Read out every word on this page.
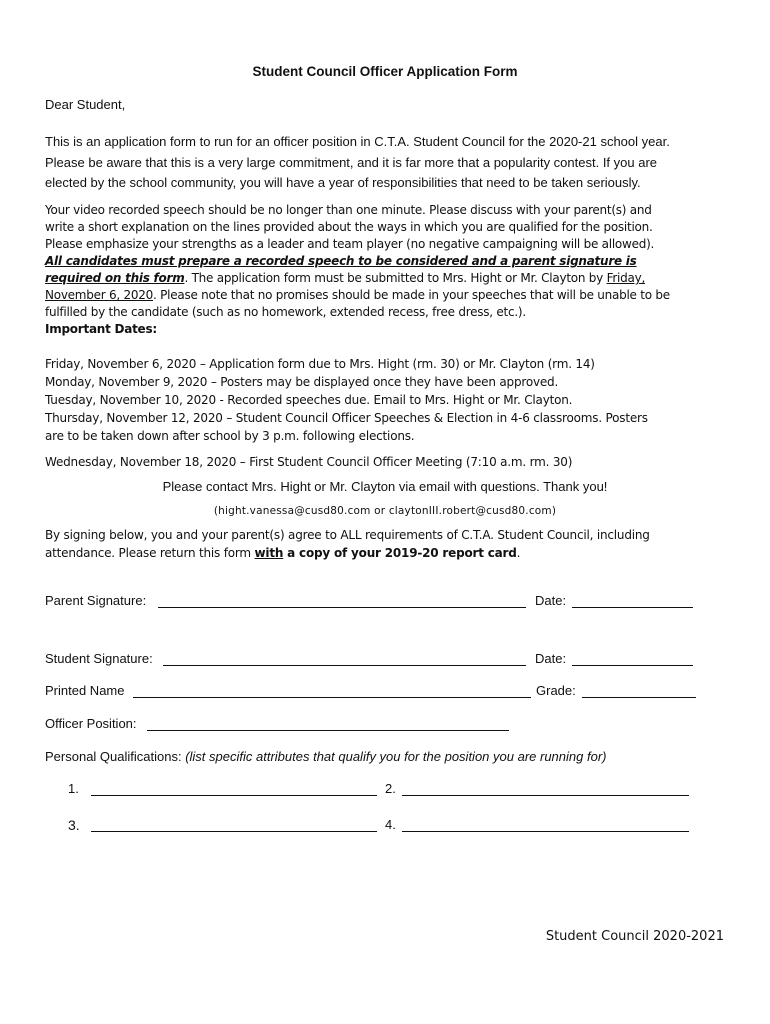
Student Council Officer Application Form
Dear Student,
This is an application form to run for an officer position in C.T.A. Student Council for the 2020-21 school year.
Please be aware that this is a very large commitment, and it is far more that a popularity contest. If you are
elected by the school community, you will have a year of responsibilities that need to be taken seriously.
Your video recorded speech should be no longer than one minute. Please discuss with your parent(s) and
write a short explanation on the lines provided about the ways in which you are qualified for the position.
Please emphasize your strengths as a leader and team player (no negative campaigning will be allowed).
All candidates must prepare a recorded speech to be considered and a parent signature is
required on this form. The application form must be submitted to Mrs. Hight or Mr. Clayton by Friday,
November 6, 2020. Please note that no promises should be made in your speeches that will be unable to be
fulfilled by the candidate (such as no homework, extended recess, free dress, etc.).
Important Dates:
Friday, November 6, 2020 – Application form due to Mrs. Hight (rm. 30) or Mr. Clayton (rm. 14)
Monday, November 9, 2020 – Posters may be displayed once they have been approved.
Tuesday, November 10, 2020 - Recorded speeches due. Email to Mrs. Hight or Mr. Clayton.
Thursday, November 12, 2020 – Student Council Officer Speeches & Election in 4-6 classrooms. Posters
are to be taken down after school by 3 p.m. following elections.
Wednesday, November 18, 2020 – First Student Council Officer Meeting (7:10 a.m. rm. 30)
Please contact Mrs. Hight or Mr. Clayton via email with questions. Thank you!
(hight.vanessa@cusd80.com or claytonIII.robert@cusd80.com)
By signing below, you and your parent(s) agree to ALL requirements of C.T.A. Student Council, including
attendance. Please return this form with a copy of your 2019-20 report card.
Parent Signature:	Date:
Student Signature:	Date:
Printed Name	Grade:
Officer Position:
Personal Qualifications: (list specific attributes that qualify you for the position you are running for)
1.	2.
3.	4.
Student Council 2020-2021
